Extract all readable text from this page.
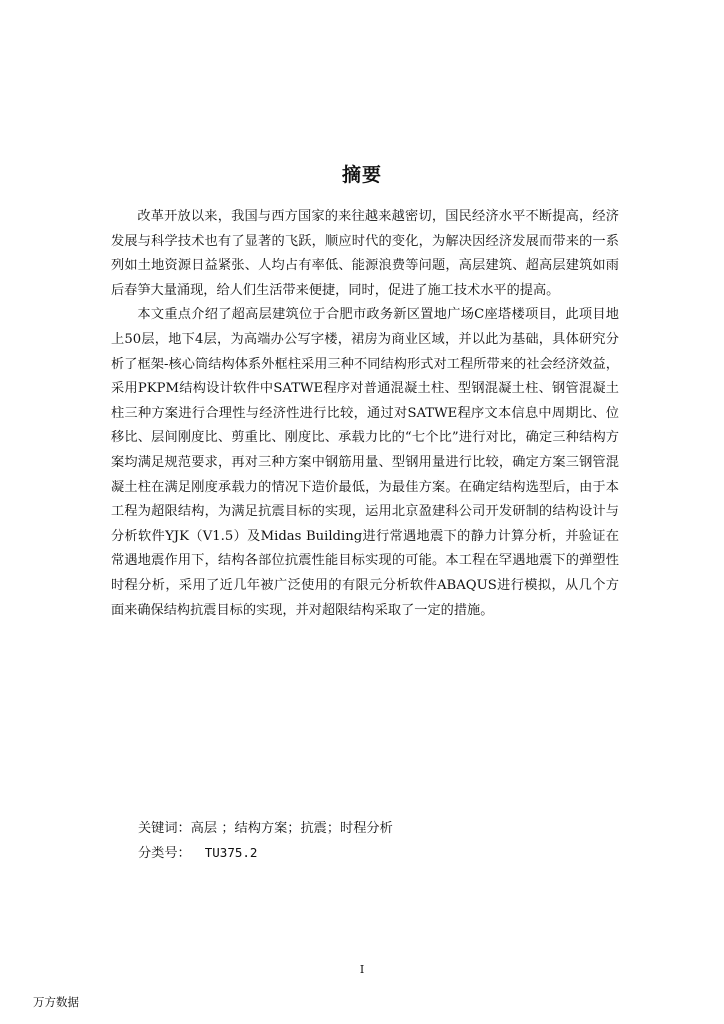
摘要

改革开放以来，我国与西方国家的来往越来越密切，国民经济水平不断提高，经济发展与科学技术也有了显著的飞跃，顺应时代的变化，为解决因经济发展而带来的一系列如土地资源日益紧张、人均占有率低、能源浪费等问题，高层建筑、超高层建筑如雨后春笋大量涌现，给人们生活带来便捷，同时，促进了施工技术水平的提高。

本文重点介绍了超高层建筑位于合肥市政务新区置地广场C座塔楼项目，此项目地上50层，地下4层，为高端办公写字楼，裙房为商业区域，并以此为基础，具体研究分析了框架-核心筒结构体系外框柱采用三种不同结构形式对工程所带来的社会经济效益，采用PKPM结构设计软件中SATWE程序对普通混凝土柱、型钢混凝土柱、钢管混凝土柱三种方案进行合理性与经济性进行比较，通过对SATWE程序文本信息中周期比、位移比、层间刚度比、剪重比、刚度比、承载力比的“七个比”进行对比，确定三种结构方案均满足规范要求，再对三种方案中钢筋用量、型钢用量进行比较，确定方案三钢管混凝土柱在满足刚度承载力的情况下造价最低，为最佳方案。在确定结构选型后，由于本工程为超限结构，为满足抗震目标的实现，运用北京盈建科公司开发研制的结构设计与分析软件YJK（V1.5）及Midas Building进行常遇地震下的静力计算分析，并验证在常遇地震作用下，结构各部位抗震性能目标实现的可能。本工程在罕遇地震下的弹塑性时程分析，采用了近几年被广泛使用的有限元分析软件ABAQUS进行模拟，从几个方面来确保结构抗震目标的实现，并对超限结构采取了一定的措施。

关键词：高层 ；结构方案；抗震；时程分析
分类号： TU375.2
I
万方数据
